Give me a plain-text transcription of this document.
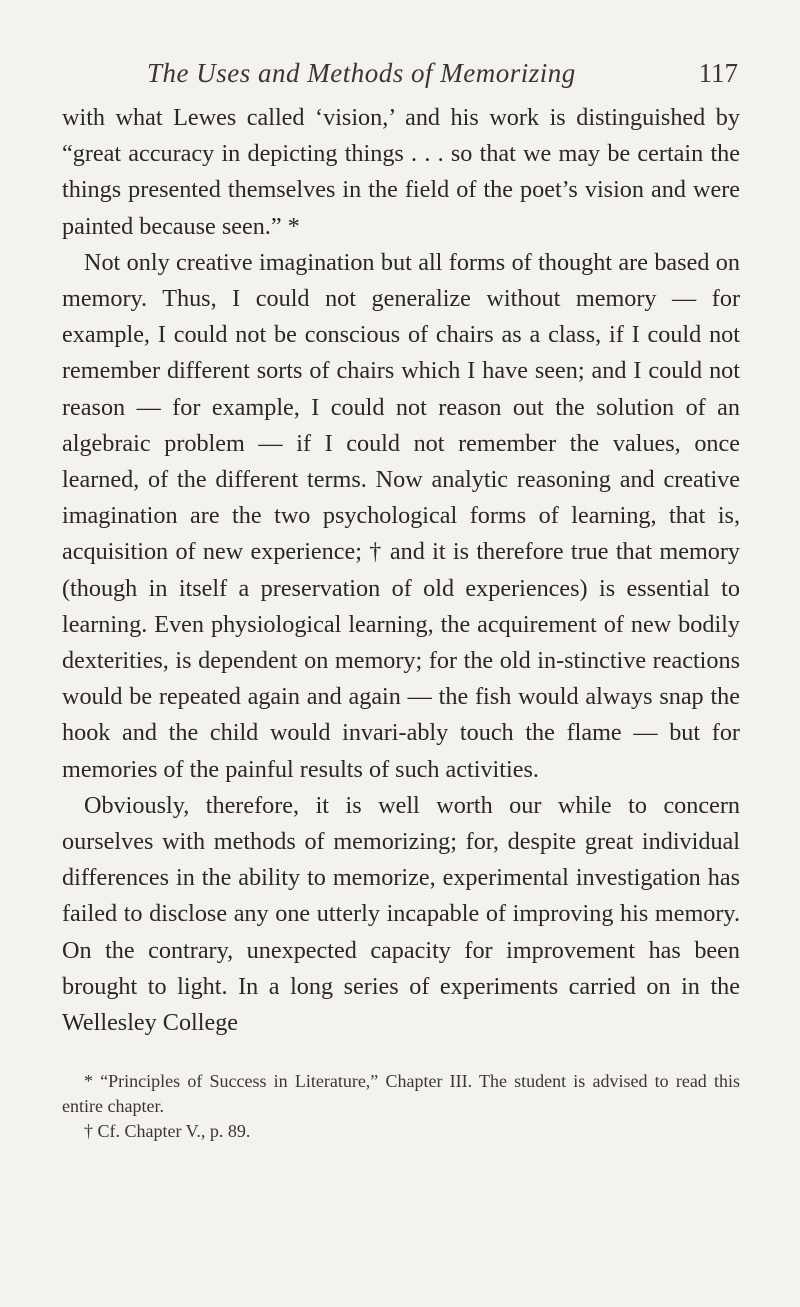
The Uses and Methods of Memorizing	117

with what Lewes called ‘vision,’ and his work is distinguished by “great accuracy in depicting things . . . so that we may be certain the things presented themselves in the field of the poet’s vision and were painted because seen.” *

Not only creative imagination but all forms of thought are based on memory. Thus, I could not generalize without memory — for example, I could not be conscious of chairs as a class, if I could not remember different sorts of chairs which I have seen; and I could not reason — for example, I could not reason out the solution of an algebraic problem — if I could not remember the values, once learned, of the different terms. Now analytic reasoning and creative imagination are the two psychological forms of learning, that is, acquisition of new experience; † and it is therefore true that memory (though in itself a preservation of old experiences) is essential to learning. Even physiological learning, the acquirement of new bodily dexterities, is dependent on memory; for the old in-stinctive reactions would be repeated again and again — the fish would always snap the hook and the child would invari-ably touch the flame — but for memories of the painful results of such activities.

Obviously, therefore, it is well worth our while to concern ourselves with methods of memorizing; for, despite great individual differences in the ability to memorize, experimental investigation has failed to disclose any one utterly incapable of improving his memory. On the contrary, unexpected capacity for improvement has been brought to light. In a long series of experiments carried on in the Wellesley College

* “Principles of Success in Literature,” Chapter III. The student is advised to read this entire chapter.

† Cf. Chapter V., p. 89.
